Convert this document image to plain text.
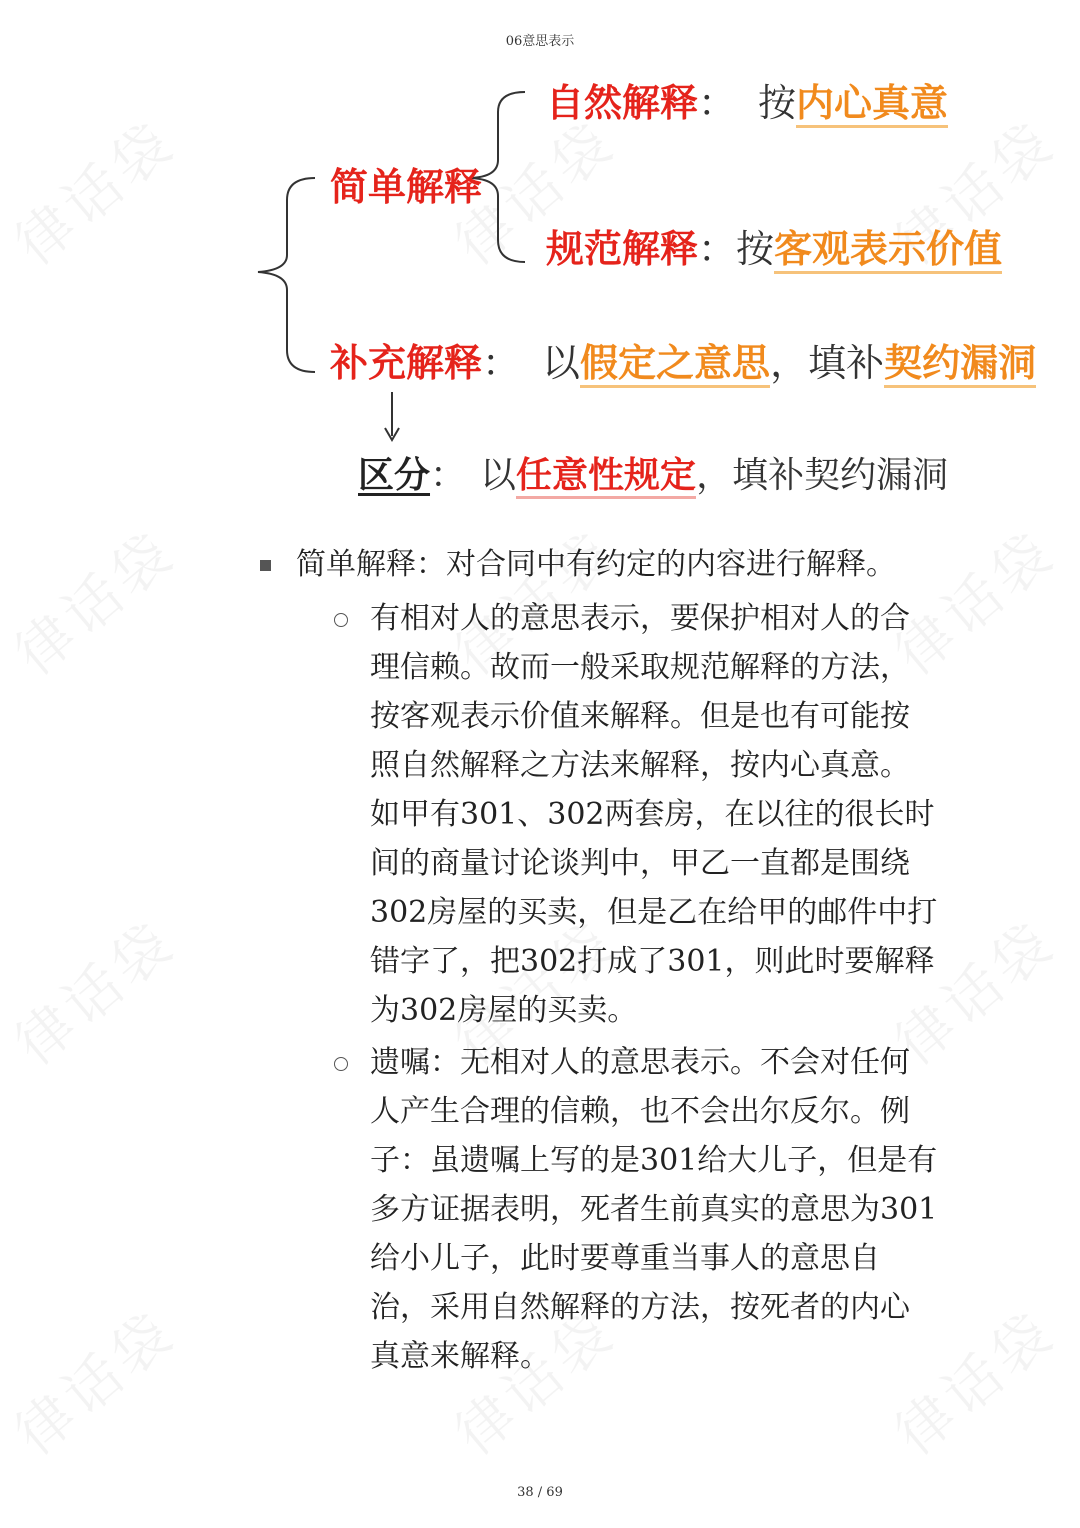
06意思表示
38 / 69
简单解释
自然解释： 按内心真意
规范解释：按客观表示价值
补充解释： 以假定之意思，填补契约漏洞
区分： 以任意性规定，填补契约漏洞
简单解释：对合同中有约定的内容进行解释。
有相对人的意思表示，要保护相对人的合
理信赖。故而一般采取规范解释的方法，
按客观表示价值来解释。但是也有可能按
照自然解释之方法来解释，按内心真意。
如甲有301、302两套房，在以往的很长时
间的商量讨论谈判中，甲乙一直都是围绕
302房屋的买卖，但是乙在给甲的邮件中打
错字了，把302打成了301，则此时要解释
为302房屋的买卖。
遗嘱：无相对人的意思表示。不会对任何
人产生合理的信赖，也不会出尔反尔。例
子：虽遗嘱上写的是301给大儿子，但是有
多方证据表明，死者生前真实的意思为301
给小儿子，此时要尊重当事人的意思自
治，采用自然解释的方法，按死者的内心
真意来解释。
